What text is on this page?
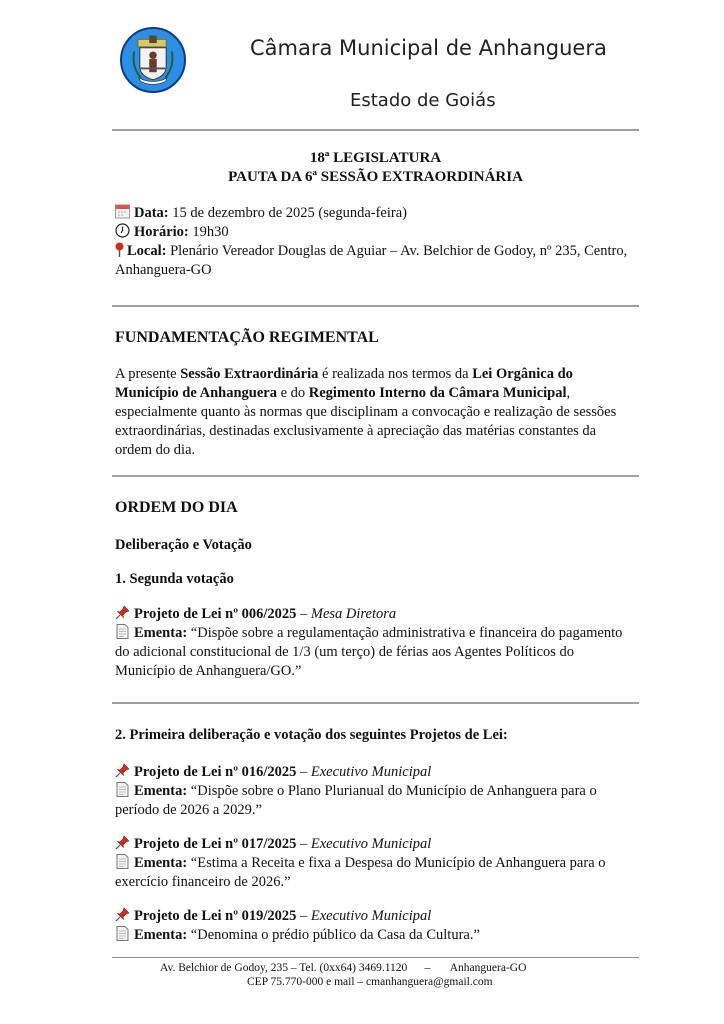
Câmara Municipal de Anhanguera
Estado de Goiás
18ª LEGISLATURA
PAUTA DA 6ª SESSÃO EXTRAORDINÁRIA
Data: 15 de dezembro de 2025 (segunda-feira)
Horário: 19h30
Local: Plenário Vereador Douglas de Aguiar – Av. Belchior de Godoy, nº 235, Centro,
Anhanguera-GO
FUNDAMENTAÇÃO REGIMENTAL
A presente Sessão Extraordinária é realizada nos termos da Lei Orgânica do Município de Anhanguera e do Regimento Interno da Câmara Municipal, especialmente quanto às normas que disciplinam a convocação e realização de sessões extraordinárias, destinadas exclusivamente à apreciação das matérias constantes da ordem do dia.
ORDEM DO DIA
Deliberação e Votação
1. Segunda votação
Projeto de Lei nº 006/2025 – Mesa Diretora
Ementa: “Dispõe sobre a regulamentação administrativa e financeira do pagamento do adicional constitucional de 1/3 (um terço) de férias aos Agentes Políticos do Município de Anhanguera/GO.”
2. Primeira deliberação e votação dos seguintes Projetos de Lei:
Projeto de Lei nº 016/2025 – Executivo Municipal
Ementa: “Dispõe sobre o Plano Plurianual do Município de Anhanguera para o período de 2026 a 2029.”
Projeto de Lei nº 017/2025 – Executivo Municipal
Ementa: “Estima a Receita e fixa a Despesa do Município de Anhanguera para o exercício financeiro de 2026.”
Projeto de Lei nº 019/2025 – Executivo Municipal
Ementa: “Denomina o prédio público da Casa da Cultura.”
Av. Belchior de Godoy, 235 – Tel. (0xx64) 3469.1120      –       Anhanguera-GO
CEP 75.770-000 e mail – cmanhanguera@gmail.com
